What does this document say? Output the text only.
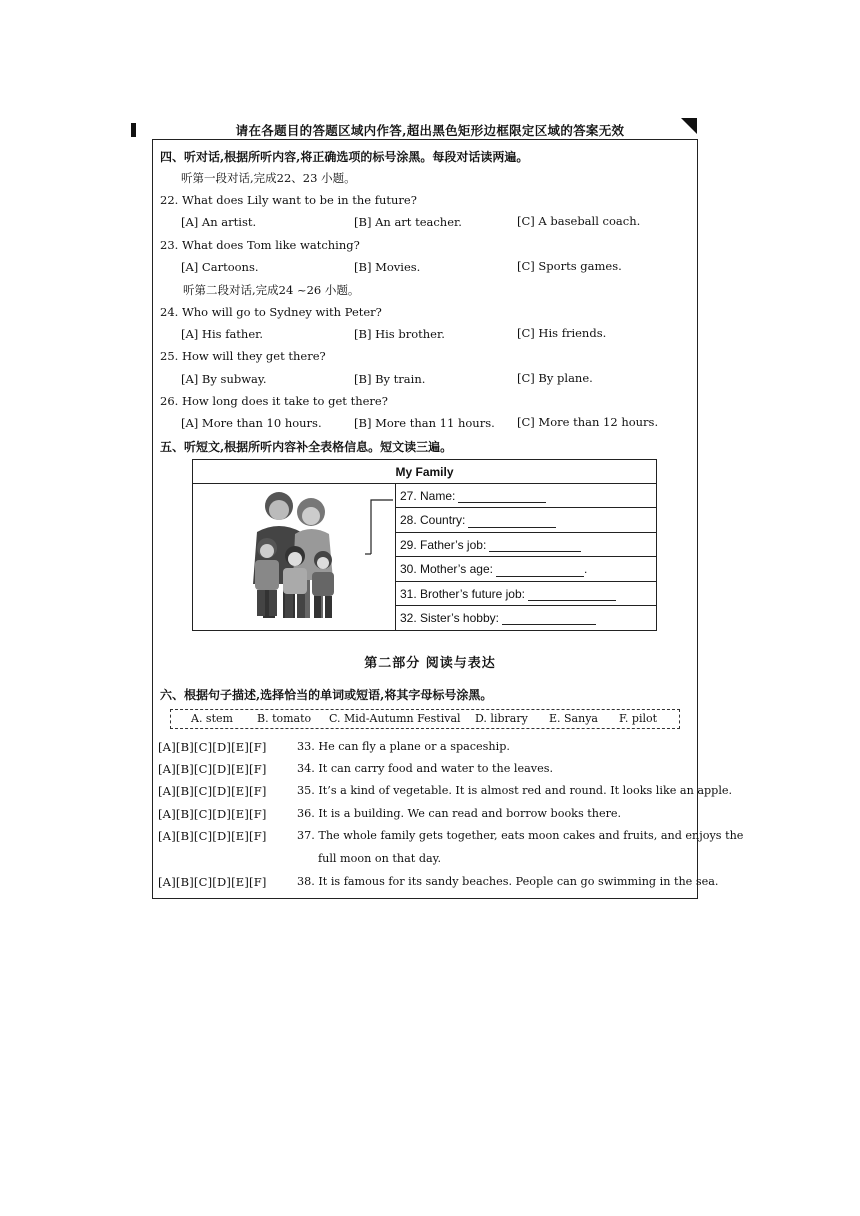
请在各题目的答题区域内作答,超出黑色矩形边框限定区域的答案无效
四、听对话,根据所听内容,将正确选项的标号涂黑。每段对话读两遍。
听第一段对话,完成22、23 小题。
22. What does Lily want to be in the future?
[A] An artist.	[B] An art teacher.	[C] A baseball coach.
23. What does Tom like watching?
[A] Cartoons.	[B] Movies.	[C] Sports games.
听第二段对话,完成24 ~26 小题。
24. Who will go to Sydney with Peter?
[A] His father.	[B] His brother.	[C] His friends.
25. How will they get there?
[A] By subway.	[B] By train.	[C] By plane.
26. How long does it take to get there?
[A] More than 10 hours.	[B] More than 11 hours. [C] More than 12 hours.
五、听短文,根据所听内容补全表格信息。短文读三遍。
My Family
27. Name:
28. Country:
29. Father’s job:
30. Mother’s age:	.
31. Brother’s future job:
32. Sister’s hobby:
第二部分 阅读与表达
六、根据句子描述,选择恰当的单词或短语,将其字母标号涂黑。
A. stem B. tomato C. Mid-Autumn Festival D. library E. Sanya F. pilot
[A][B][C][D][E][F]	33. He can fly a plane or a spaceship.
[A][B][C][D][E][F]	34. It can carry food and water to the leaves.
[A][B][C][D][E][F]	35. It’s a kind of vegetable. It is almost red and round. It looks like an apple.
[A][B][C][D][E][F]	36. It is a building. We can read and borrow books there.
[A][B][C][D][E][F]	37. The whole family gets together, eats moon cakes and fruits, and enjoys the
full moon on that day.
[A][B][C][D][E][F]	38. It is famous for its sandy beaches. People can go swimming in the sea.
